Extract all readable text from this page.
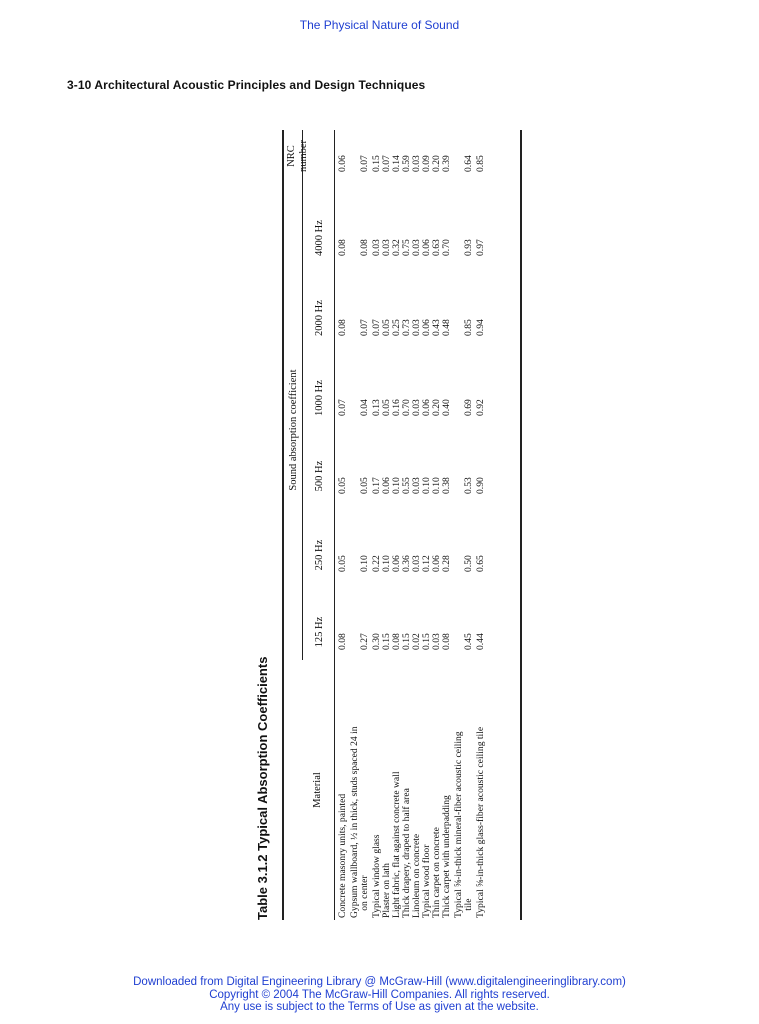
The Physical Nature of Sound
3-10 Architectural Acoustic Principles and Design Techniques
Table 3.1.2 Typical Absorption Coefficients	Material
Sound absorption coefficient
125 Hz
250 Hz
500 Hz
1000 Hz
2000 Hz
4000 Hz
NRC number
Concrete masonry units, painted
0.08
0.05
0.05
0.07
0.08
0.08
0.06
Gypsum wallboard, ½ in thick, studs spaced 24 in on center
0.27
0.10
0.05
0.04
0.07
0.08
0.07
Typical window glass
0.30
0.22
0.17
0.13
0.07
0.03
0.15
Plaster on lath
0.15
0.10
0.06
0.05
0.05
0.03
0.07
Light fabric, flat against concrete wall
0.08
0.06
0.10
0.16
0.25
0.32
0.14
Thick drapery, draped to half area
0.15
0.36
0.55
0.70
0.73
0.75
0.59
Linoleum on concrete
0.02
0.03
0.03
0.03
0.03
0.03
0.03
Typical wood floor
0.15
0.12
0.10
0.06
0.06
0.06
0.09
Thin carpet on concrete
0.03
0.06
0.10
0.20
0.43
0.63
0.20
Thick carpet with underpadding
0.08
0.28
0.38
0.40
0.48
0.70
0.39
Typical ⅝-in-thick mineral-fiber acoustic ceiling tile
0.45
0.50
0.53
0.69
0.85
0.93
0.64
Typical ⅝-in-thick glass-fiber acoustic ceiling tile
0.44
0.65
0.90
0.92
0.94
0.97
0.85
Downloaded from Digital Engineering Library @ McGraw-Hill (www.digitalengineeringlibrary.com)
Copyright © 2004 The McGraw-Hill Companies. All rights reserved.
Any use is subject to the Terms of Use as given at the website.
